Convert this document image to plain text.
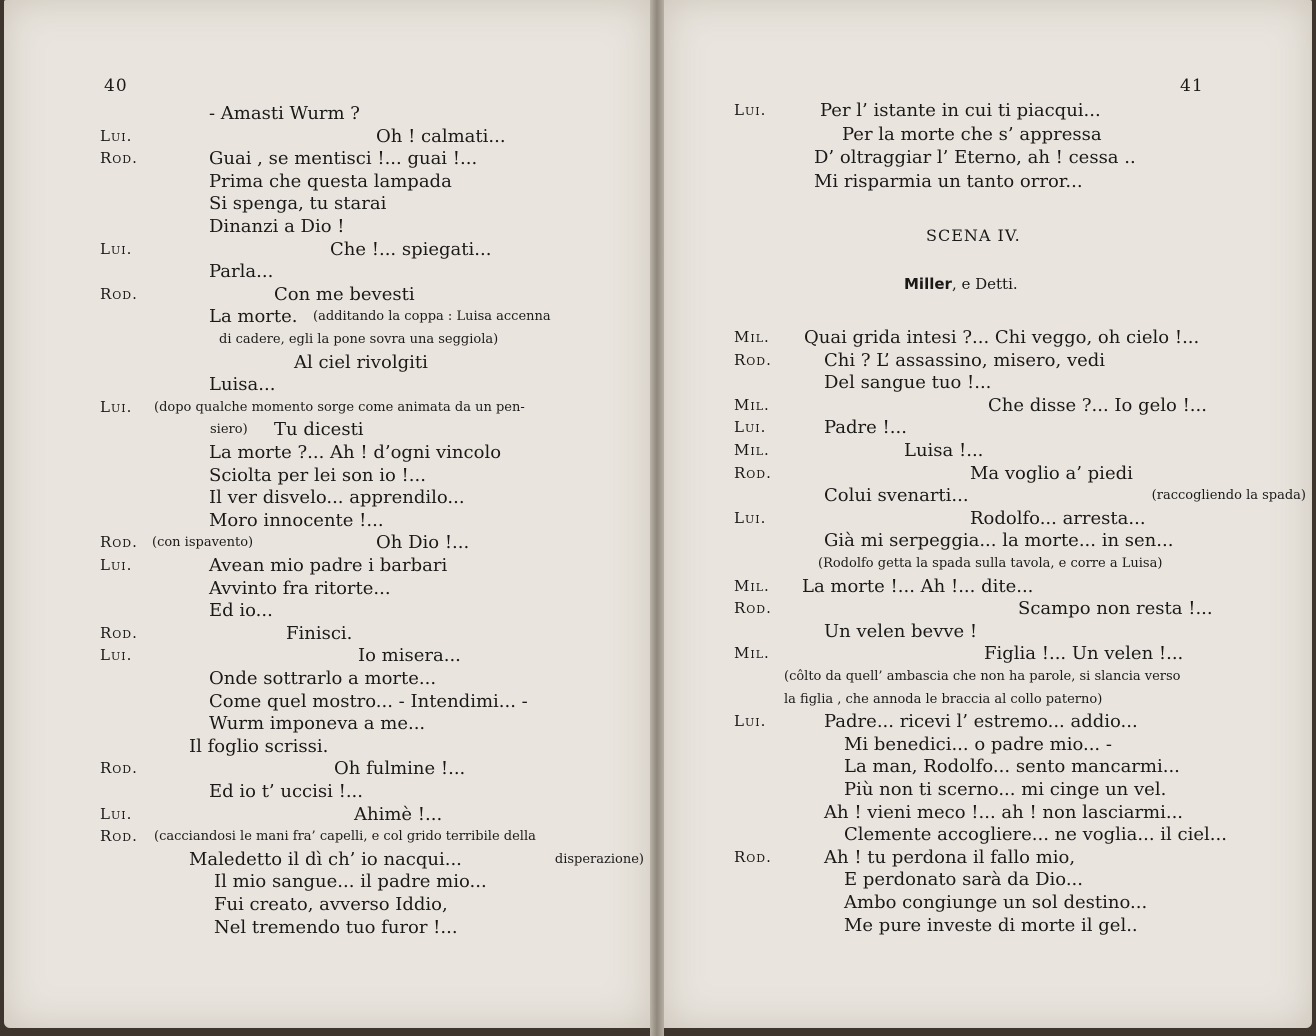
40
- Amasti Wurm ?
Lui.	Oh ! calmati...
Rod.	Guai , se mentisci !... guai !...
Prima che questa lampada
Si spenga, tu starai
Dinanzi a Dio !
Lui.	Che !... spiegati...
Parla...
Rod.	Con me bevesti
La morte. (additando la coppa : Luisa accenna
di cadere, egli la pone sovra una seggiola)
Al ciel rivolgiti
Luisa...
Lui. (dopo qualche momento sorge come animata da un pen-
siero) Tu dicesti
La morte ?... Ah ! d’ogni vincolo
Sciolta per lei son io !...
Il ver disvelo... apprendilo...
Moro innocente !...
Rod. (con ispavento)	Oh Dio !...
Lui.	Avean mio padre i barbari
Avvinto fra ritorte...
Ed io...
Rod.	Finisci.
Lui.	Io misera...
Onde sottrarlo a morte...
Come quel mostro... - Intendimi... -
Wurm imponeva a me...
Il foglio scrissi.
Rod.	Oh fulmine !...
Ed io t’ uccisi !...
Lui.	Ahimè !...
Rod. (cacciandosi le mani fra’ capelli, e col grido terribile della
Maledetto il dì ch’ io nacqui...	disperazione)
Il mio sangue... il padre mio...
Fui creato, avverso Iddio,
Nel tremendo tuo furor !...
41
Lui.	Per l’ istante in cui ti piacqui...
Per la morte che s’ appressa
D’ oltraggiar l’ Eterno, ah ! cessa ..
Mi risparmia un tanto orror...
SCENA IV.
Miller, e Detti.
Mil. Quai grida intesi ?... Chi veggo, oh cielo !...
Rod.	Chi ? L’ assassino, misero, vedi
Del sangue tuo !...
Mil.	Che disse ?... Io gelo !...
Lui.	Padre !...
Mil.	Luisa !...
Rod.	Ma voglio a’ piedi
Colui svenarti...	(raccogliendo la spada)
Lui.	Rodolfo... arresta...
Già mi serpeggia... la morte... in sen...
(Rodolfo getta la spada sulla tavola, e corre a Luisa)
Mil. La morte !... Ah !... dite...
Rod.	Scampo non resta !...
Un velen bevve !
Mil.	Figlia !... Un velen !...
(côlto da quell’ ambascia che non ha parole, si slancia verso
la figlia , che annoda le braccia al collo paterno)
Lui.	Padre... ricevi l’ estremo... addio...
Mi benedici... o padre mio... -
La man, Rodolfo... sento mancarmi...
Più non ti scerno... mi cinge un vel.
Ah ! vieni meco !... ah ! non lasciarmi...
Clemente accogliere... ne voglia... il ciel...
Rod.	Ah ! tu perdona il fallo mio,
E perdonato sarà da Dio...
Ambo congiunge un sol destino...
Me pure investe di morte il gel..
